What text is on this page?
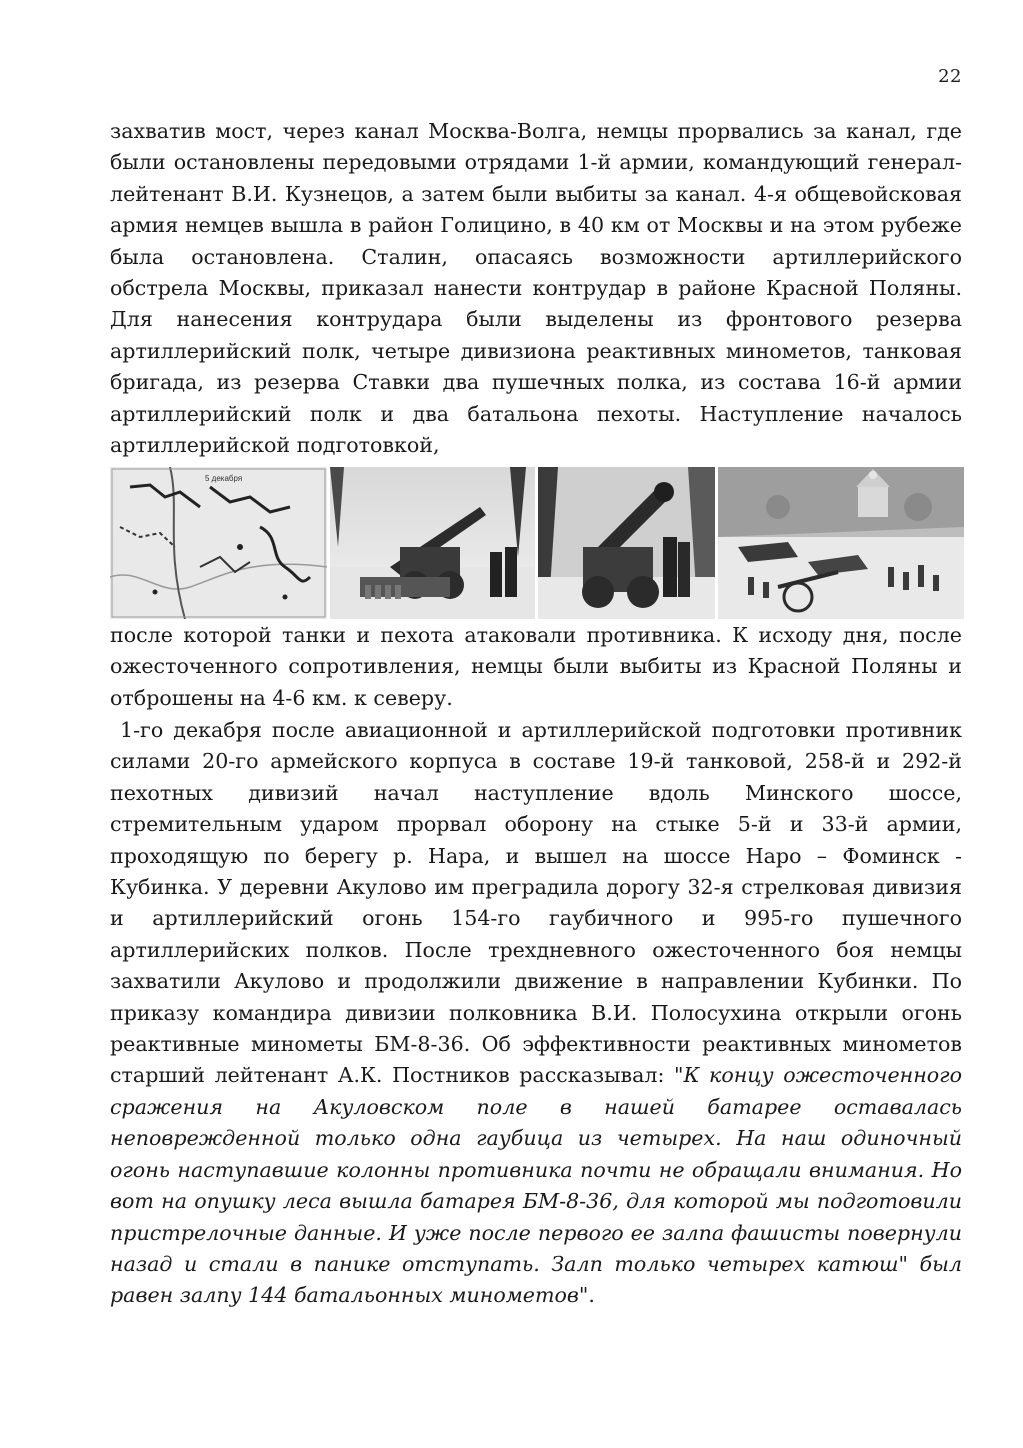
22

захватив мост, через канал Москва-Волга, немцы прорвались за канал, где были остановлены передовыми отрядами 1-й армии, командующий генерал-лейтенант В.И. Кузнецов, а затем были выбиты за канал. 4-я общевойсковая армия немцев вышла в район Голицино, в 40 км от Москвы и на этом рубеже была остановлена. Сталин, опасаясь возможности артиллерийского обстрела Москвы, приказал нанести контрудар в районе Красной Поляны. Для нанесения контрудара были выделены из фронтового резерва артиллерийский полк, четыре дивизиона реактивных минометов, танковая бригада, из резерва Ставки два пушечных полка, из состава 16-й армии артиллерийский полк и два батальона пехоты. Наступление началось артиллерийской подготовкой,

5 декабря

после которой танки и пехота атаковали противника. К исходу дня, после ожесточенного сопротивления, немцы были выбиты из Красной Поляны и отброшены на 4-6 км. к северу.

1-го декабря после авиационной и артиллерийской подготовки противник силами 20-го армейского корпуса в составе 19-й танковой, 258-й и 292-й пехотных дивизий начал наступление вдоль Минского шоссе, стремительным ударом прорвал оборону на стыке 5-й и 33-й армии, проходящую по берегу р. Нара, и вышел на шоссе Наро – Фоминск - Кубинка. У деревни Акулово им преградила дорогу 32-я стрелковая дивизия и артиллерийский огонь 154-го гаубичного и 995-го пушечного артиллерийских полков. После трехдневного ожесточенного боя немцы захватили Акулово и продолжили движение в направлении Кубинки. По приказу командира дивизии полковника В.И. Полосухина открыли огонь реактивные минометы БМ-8-36. Об эффективности реактивных минометов старший лейтенант А.К. Постников рассказывал: "К концу ожесточенного сражения на Акуловском поле в нашей батарее оставалась неповрежденной только одна гаубица из четырех. На наш одиночный огонь наступавшие колонны противника почти не обращали внимания. Но вот на опушку леса вышла батарея БМ-8-36, для которой мы подготовили пристрелочные данные. И уже после первого ее залпа фашисты повернули назад и стали в панике отступать. Залп только четырех катюш" был равен залпу 144 батальонных минометов".
